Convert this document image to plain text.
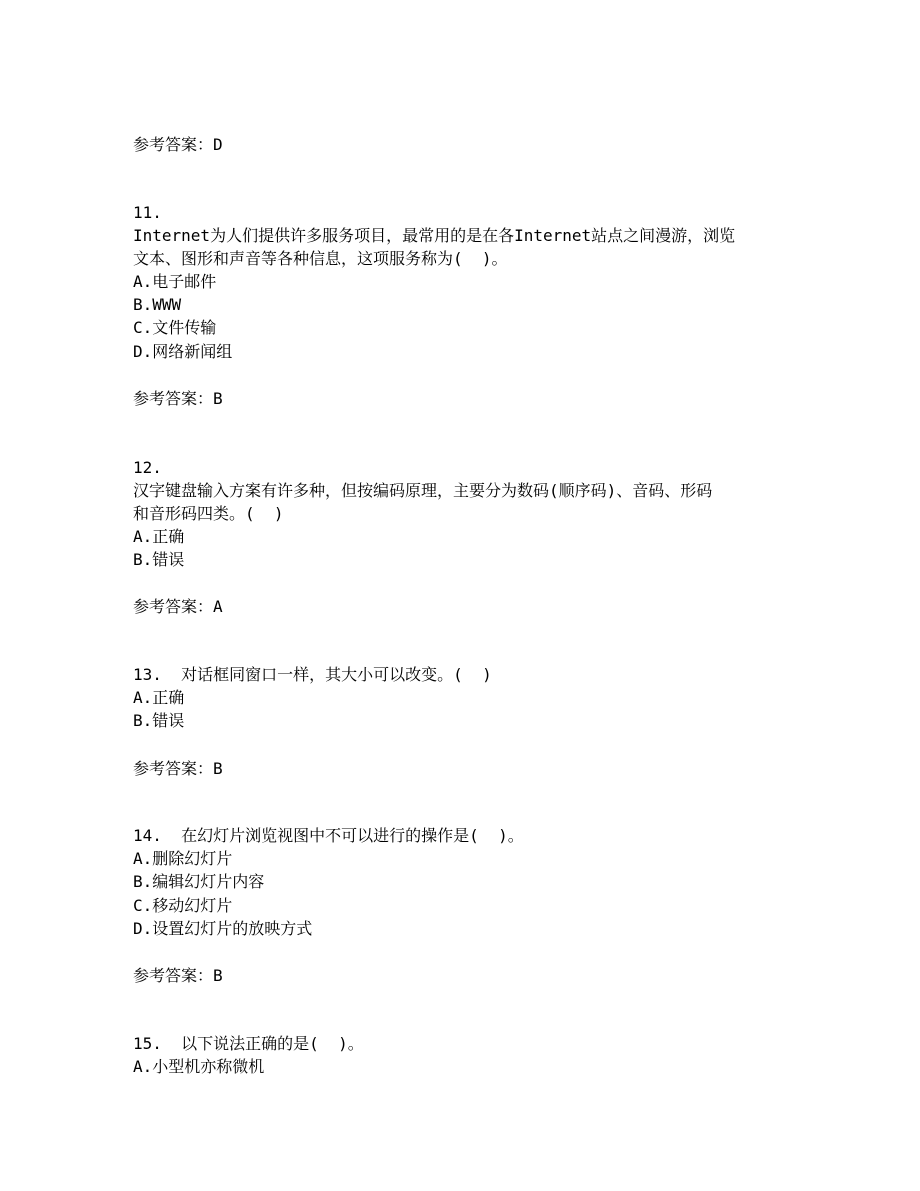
参考答案：D
11.
Internet为人们提供许多服务项目，最常用的是在各Internet站点之间漫游，浏览
文本、图形和声音等各种信息，这项服务称为(  )。
A.电子邮件
B.WWW
C.文件传输
D.网络新闻组
参考答案：B
12.
汉字键盘输入方案有许多种，但按编码原理，主要分为数码(顺序码)、音码、形码
和音形码四类。(  )
A.正确
B.错误
参考答案：A
13.  对话框同窗口一样，其大小可以改变。(  )
A.正确
B.错误
参考答案：B
14.  在幻灯片浏览视图中不可以进行的操作是(  )。
A.删除幻灯片
B.编辑幻灯片内容
C.移动幻灯片
D.设置幻灯片的放映方式
参考答案：B
15.  以下说法正确的是(  )。
A.小型机亦称微机
